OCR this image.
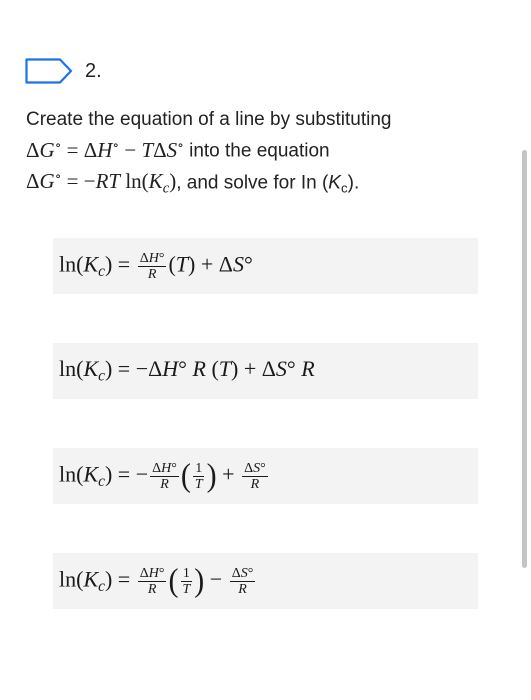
2.
Create the equation of a line by substituting
ΔG∘ = ΔH∘ − TΔS∘ into the equation
ΔG∘ = −RT $\ln(K_c)$, and solve for In $(K_c)$.
$\ln(K_c) = \frac{\Delta H^\circ}{R} (T) + \Delta S^\circ$
$\ln(K_c) = -\Delta H^\circ$ R (T) + ΔS° R
$\ln(K_c)$ = − $\frac{\Delta H^\circ}{R}$ ( $\frac{1}{T}$ ) + $\frac{\Delta S^\circ}{R}$
$\ln(K_c) = \frac{\Delta H^\circ}{R}$ ( $\frac{1}{T}$ ) − $\frac{\Delta S^\circ}{R}$
